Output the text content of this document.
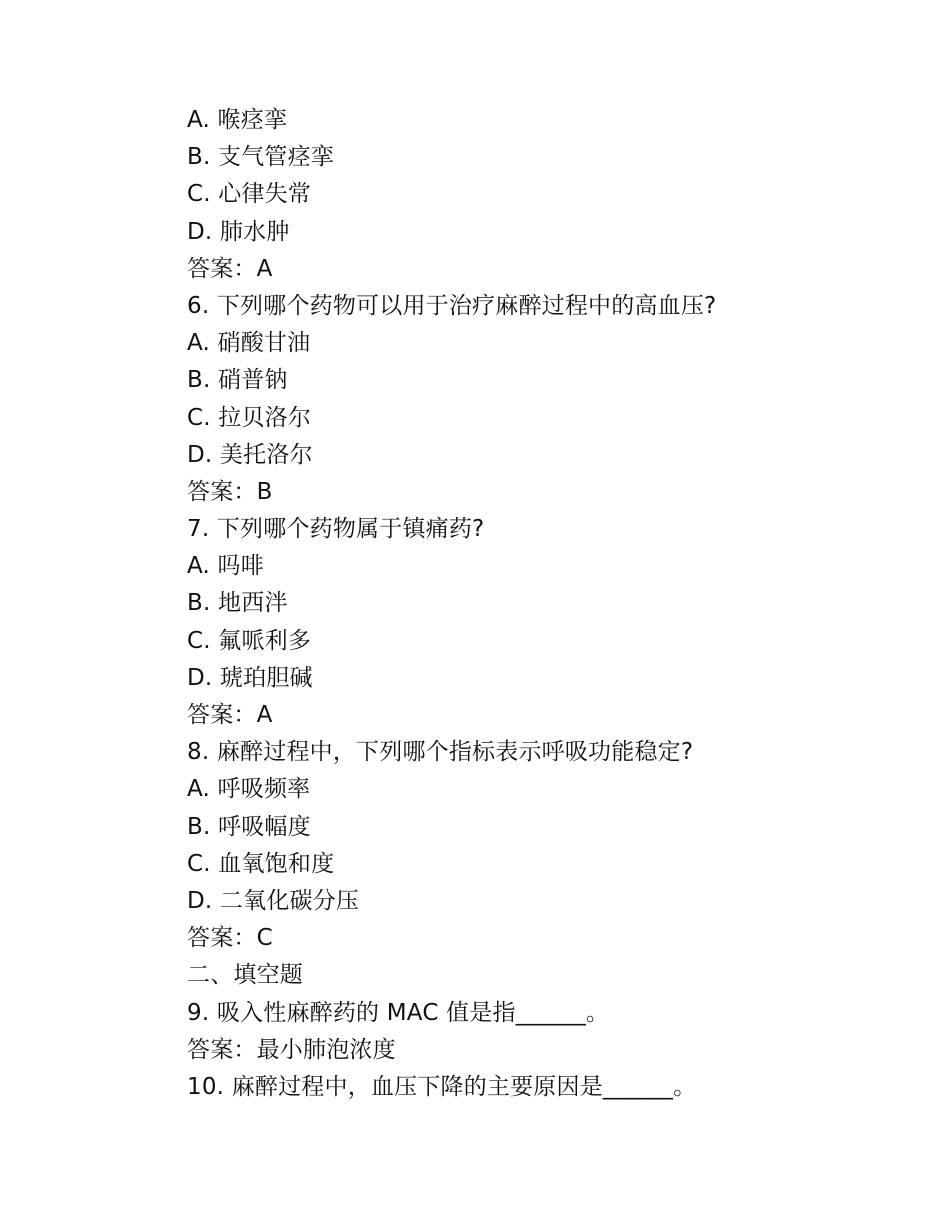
A. 喉痉挛
B. 支气管痉挛
C. 心律失常
D. 肺水肿
答案：A
6. 下列哪个药物可以用于治疗麻醉过程中的高血压?
A. 硝酸甘油
B. 硝普钠
C. 拉贝洛尔
D. 美托洛尔
答案：B
7. 下列哪个药物属于镇痛药?
A. 吗啡
B. 地西泮
C. 氟哌利多
D. 琥珀胆碱
答案：A
8. 麻醉过程中，下列哪个指标表示呼吸功能稳定?
A. 呼吸频率
B. 呼吸幅度
C. 血氧饱和度
D. 二氧化碳分压
答案：C
二、填空题
9. 吸入性麻醉药的 MAC 值是指______。
答案：最小肺泡浓度
10. 麻醉过程中，血压下降的主要原因是______。
